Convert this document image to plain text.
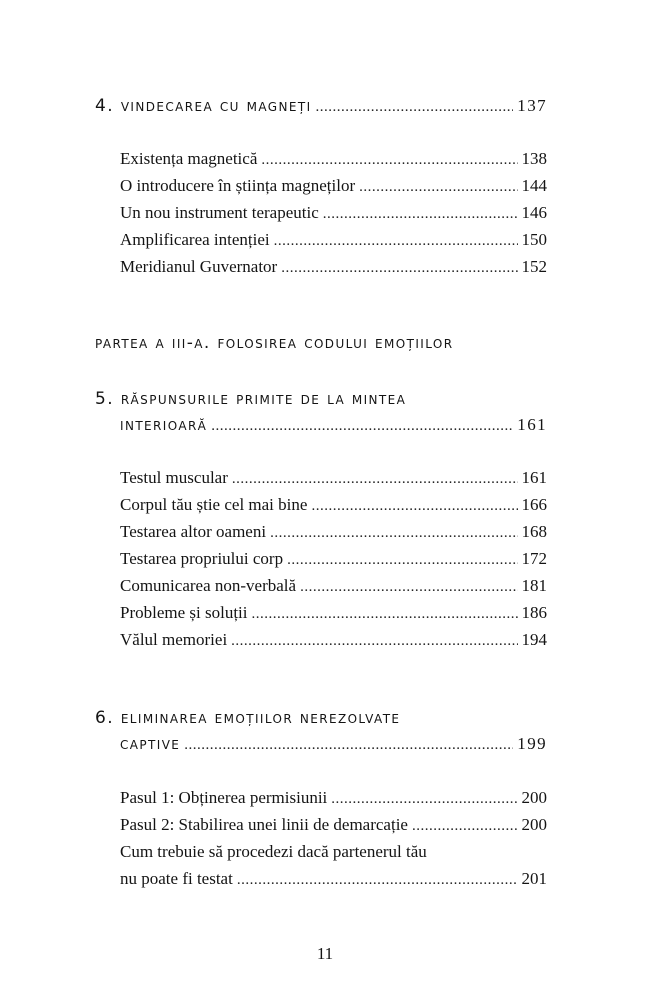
4. vindecarea cu magneți .....	137
Existența magnetică .....	138
O introducere în știința magneților .....	144
Un nou instrument terapeutic .....	146
Amplificarea intenției .....	150
Meridianul Guvernator .....	152
partea a iii-a. folosirea codului emoțiilor
5. răspunsurile primite de la mintea
interioară .....	161
Testul muscular .....	161
Corpul tău știe cel mai bine .....	166
Testarea altor oameni .....	168
Testarea propriului corp .....	172
Comunicarea non-verbală .....	181
Probleme și soluții .....	186
Vălul memoriei .....	194
6. eliminarea emoțiilor nerezolvate
captive .....	199
Pasul 1: Obținerea permisiunii .....	200
Pasul 2: Stabilirea unei linii de demarcație .....	200
Cum trebuie să procedezi dacă partenerul tău
nu poate fi testat .....	201
11
